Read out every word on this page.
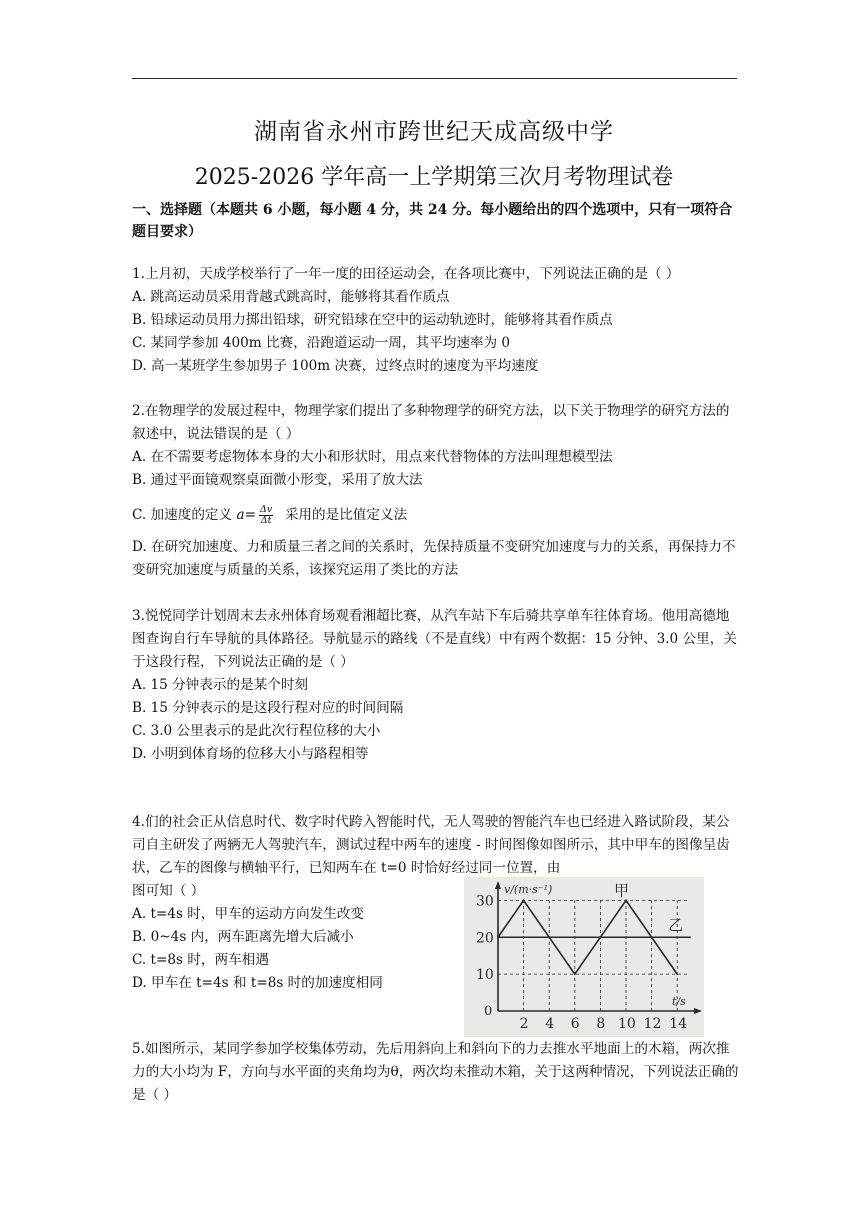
湖南省永州市跨世纪天成高级中学
2025-2026 学年高一上学期第三次月考物理试卷
一、选择题（本题共 6 小题，每小题 4 分，共 24 分。每小题给出的四个选项中，只有一项符合题目要求）

1.上月初，天成学校举行了一年一度的田径运动会，在各项比赛中，下列说法正确的是（ ）

A. 跳高运动员采用背越式跳高时，能够将其看作质点

B. 铅球运动员用力掷出铅球，研究铅球在空中的运动轨迹时，能够将其看作质点

C. 某同学参加 400m 比赛，沿跑道运动一周，其平均速率为 0

D. 高一某班学生参加男子 100m 决赛，过终点时的速度为平均速度

2.在物理学的发展过程中，物理学家们提出了多种物理学的研究方法，以下关于物理学的研究方法的叙述中，说法错误的是（ ）

A. 在不需要考虑物体本身的大小和形状时，用点来代替物体的方法叫理想模型法

B. 通过平面镜观察桌面微小形变，采用了放大法

C. 加速度的定义 $a= \frac{\Delta v}{\Delta t}$ 采用的是比值定义法

D. 在研究加速度、力和质量三者之间的关系时，先保持质量不变研究加速度与力的关系，再保持力不变研究加速度与质量的关系，该探究运用了类比的方法

3.悦悦同学计划周末去永州体育场观看湘超比赛，从汽车站下车后骑共享单车往体育场。他用高德地图查询自行车导航的具体路径。导航显示的路线（不是直线）中有两个数据：15 分钟、3.0 公里，关于这段行程，下列说法正确的是（ ）

A. 15 分钟表示的是某个时刻

B. 15 分钟表示的是这段行程对应的时间间隔

C. 3.0 公里表示的是此次行程位移的大小

D. 小明到体育场的位移大小与路程相等

4.们的社会正从信息时代、数字时代跨入智能时代，无人驾驶的智能汽车也已经进入路试阶段，某公司自主研发了两辆无人驾驶汽车，测试过程中两车的速度 - 时间图像如图所示，其中甲车的图像呈齿状，乙车的图像与横轴平行，已知两车在 t=0 时恰好经过同一位置，由

图可知（ ）

A. t=4s 时，甲车的运动方向发生改变

B. 0~4s 内，两车距离先增大后减小

C. t=8s 时，两车相遇

D. 甲车在 t=4s 和 t=8s 时的加速度相同	10
20
30
2 4 6 8 10 12 14
0
v/(m·s⁻¹)
t/s
甲
乙

5.如图所示，某同学参加学校集体劳动，先后用斜向上和斜向下的力去推水平地面上的木箱，两次推力的大小均为 F，方向与水平面的夹角均为θ，两次均未推动木箱，关于这两种情况，下列说法正确的是（ ）
